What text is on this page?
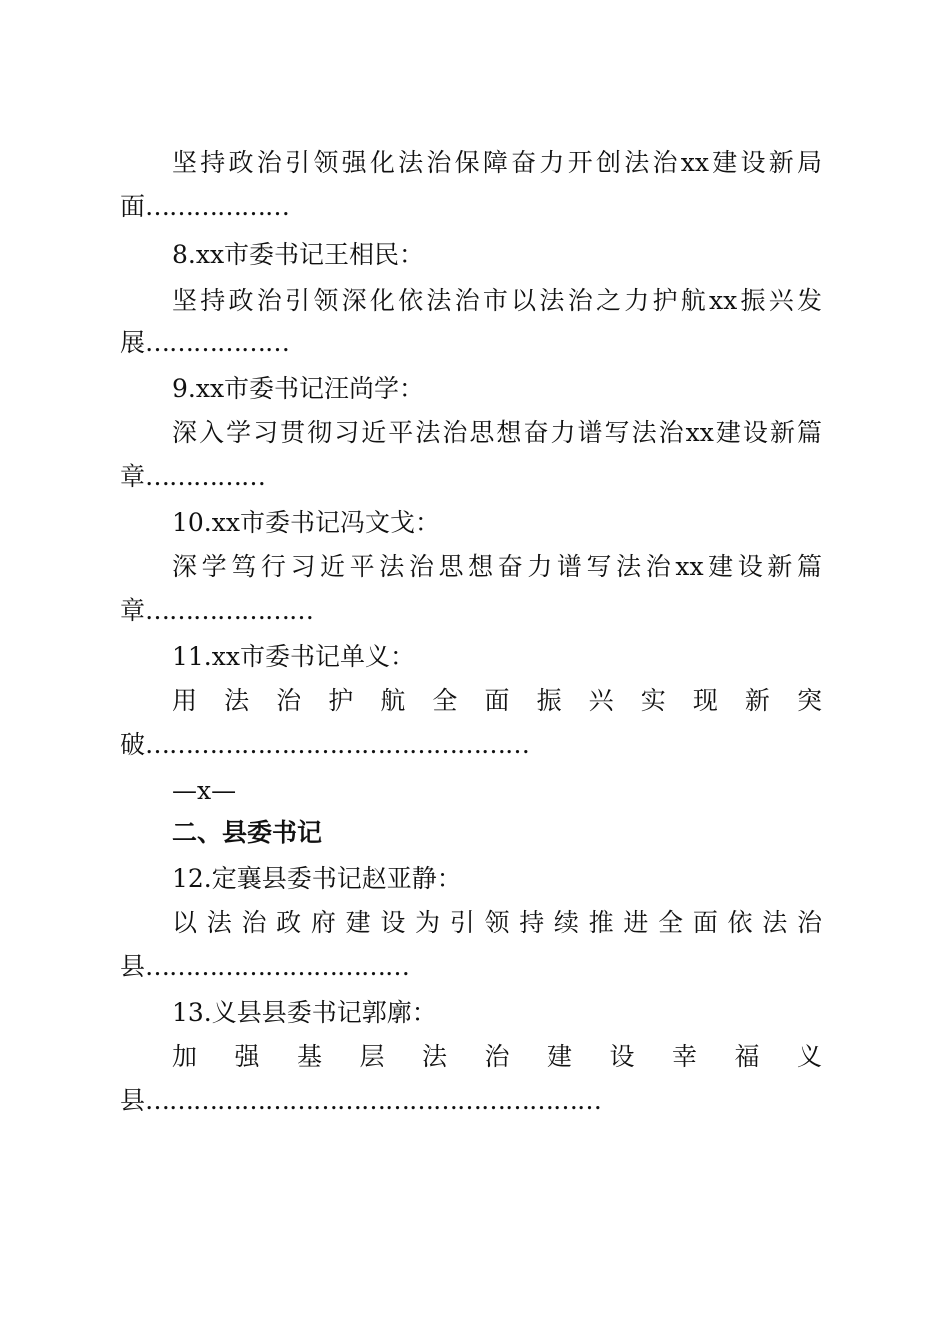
坚持政治引领强化法治保障奋力开创法治xx建设新局
面………………
8.xx市委书记王相民：
坚持政治引领深化依法治市以法治之力护航xx振兴发
展………………
9.xx市委书记汪尚学：
深入学习贯彻习近平法治思想奋力谱写法治xx建设新篇
章……………
10.xx市委书记冯文戈：
深学笃行习近平法治思想奋力谱写法治xx建设新篇
章…………………
11.xx市委书记单义：
用法治护航全面振兴实现新突
破…………………………………………
—x—
二、县委书记
12.定襄县委书记赵亚静：
以法治政府建设为引领持续推进全面依法治
县……………………………
13.义县县委书记郭廓：
加强基层法治建设幸福义
县…………………………………………………
